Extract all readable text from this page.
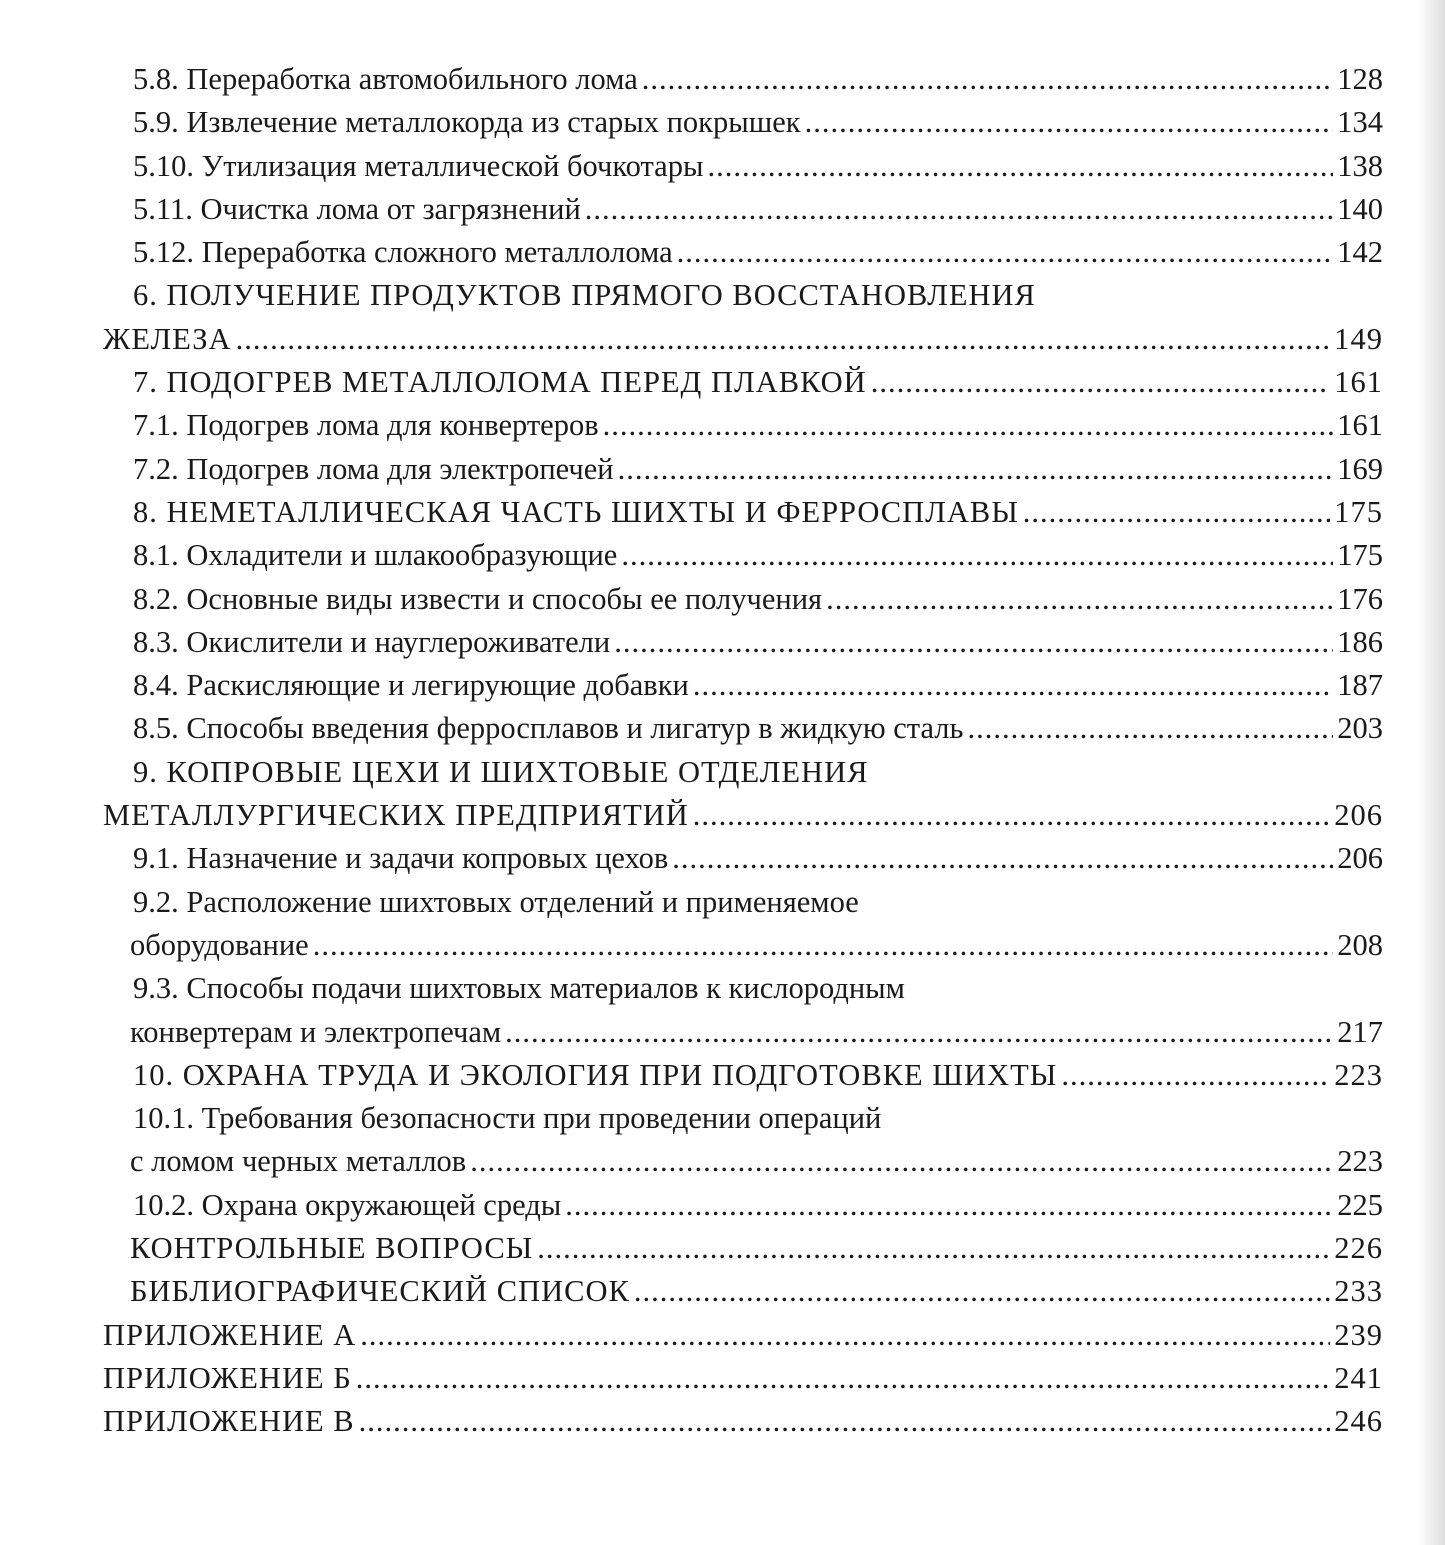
5.8. Переработка автомобильного лома .....	128
5.9. Извлечение металлокорда из старых покрышек .....	134
5.10. Утилизация металлической бочкотары .....	138
5.11. Очистка лома от загрязнений .....	140
5.12. Переработка сложного металлолома .....	142
6. ПОЛУЧЕНИЕ ПРОДУКТОВ ПРЯМОГО ВОССТАНОВЛЕНИЯ
ЖЕЛЕЗА .....	149
7. ПОДОГРЕВ МЕТАЛЛОЛОМА ПЕРЕД ПЛАВКОЙ .....	161
7.1. Подогрев лома для конвертеров .....	161
7.2. Подогрев лома для электропечей .....	169
8. НЕМЕТАЛЛИЧЕСКАЯ ЧАСТЬ ШИХТЫ И ФЕРРОСПЛАВЫ .....	175
8.1. Охладители и шлакообразующие .....	175
8.2. Основные виды извести и способы ее получения .....	176
8.3. Окислители и науглероживатели .....	186
8.4. Раскисляющие и легирующие добавки .....	187
8.5. Способы введения ферросплавов и лигатур в жидкую сталь .....	203
9. КОПРОВЫЕ ЦЕХИ И ШИХТОВЫЕ ОТДЕЛЕНИЯ
МЕТАЛЛУРГИЧЕСКИХ ПРЕДПРИЯТИЙ .....	206
9.1. Назначение и задачи копровых цехов .....	206
9.2. Расположение шихтовых отделений и применяемое
оборудование .....	208
9.3. Способы подачи шихтовых материалов к кислородным
конвертерам и электропечам .....	217
10. ОХРАНА ТРУДА И ЭКОЛОГИЯ ПРИ ПОДГОТОВКЕ ШИХТЫ .....	223
10.1. Требования безопасности при проведении операций
с ломом черных металлов .....	223
10.2. Охрана окружающей среды .....	225
КОНТРОЛЬНЫЕ ВОПРОСЫ .....	226
БИБЛИОГРАФИЧЕСКИЙ СПИСОК .....	233
ПРИЛОЖЕНИЕ А .....	239
ПРИЛОЖЕНИЕ Б .....	241
ПРИЛОЖЕНИЕ В .....	246
